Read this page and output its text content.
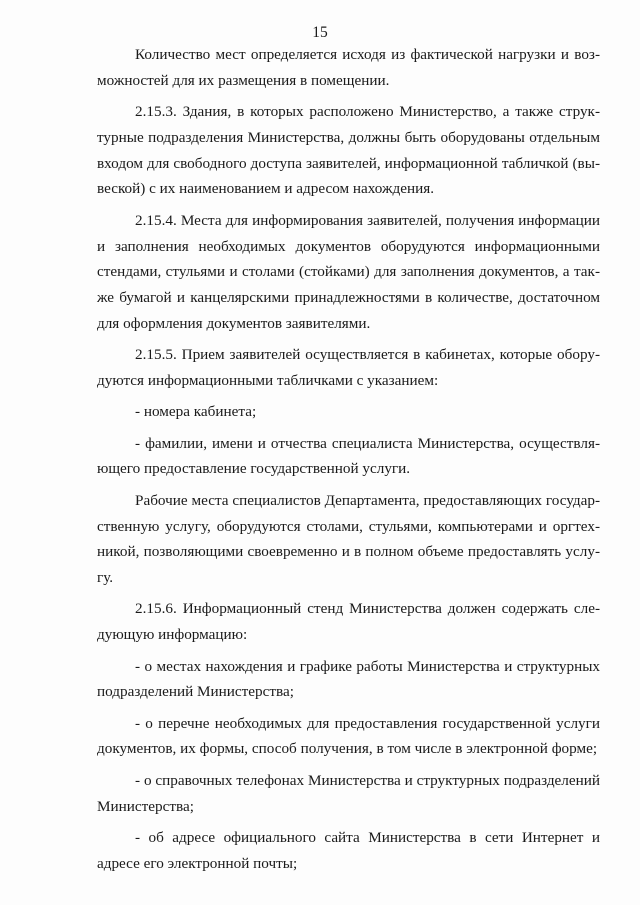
15

Количество мест определяется исходя из фактической нагрузки и возможностей для их размещения в помещении.

2.15.3. Здания, в которых расположено Министерство, а также структурные подразделения Министерства, должны быть оборудованы отдельным входом для свободного доступа заявителей, информационной табличкой (вывеской) с их наименованием и адресом нахождения.

2.15.4. Места для информирования заявителей, получения информации и заполнения необходимых документов оборудуются информационными стендами, стульями и столами (стойками) для заполнения документов, а также бумагой и канцелярскими принадлежностями в количестве, достаточном для оформления документов заявителями.

2.15.5. Прием заявителей осуществляется в кабинетах, которые оборудуются информационными табличками с указанием:

- номера кабинета;

- фамилии, имени и отчества специалиста Министерства, осуществляющего предоставление государственной услуги.

Рабочие места специалистов Департамента, предоставляющих государственную услугу, оборудуются столами, стульями, компьютерами и оргтехникой, позволяющими своевременно и в полном объеме предоставлять услугу.

2.15.6. Информационный стенд Министерства должен содержать следующую информацию:

- о местах нахождения и графике работы Министерства и структурных подразделений Министерства;

- о перечне необходимых для предоставления государственной услуги документов, их формы, способ получения, в том числе в электронной форме;

- о справочных телефонах Министерства и структурных подразделений Министерства;

- об адресе официального сайта Министерства в сети Интернет и адресе его электронной почты;
